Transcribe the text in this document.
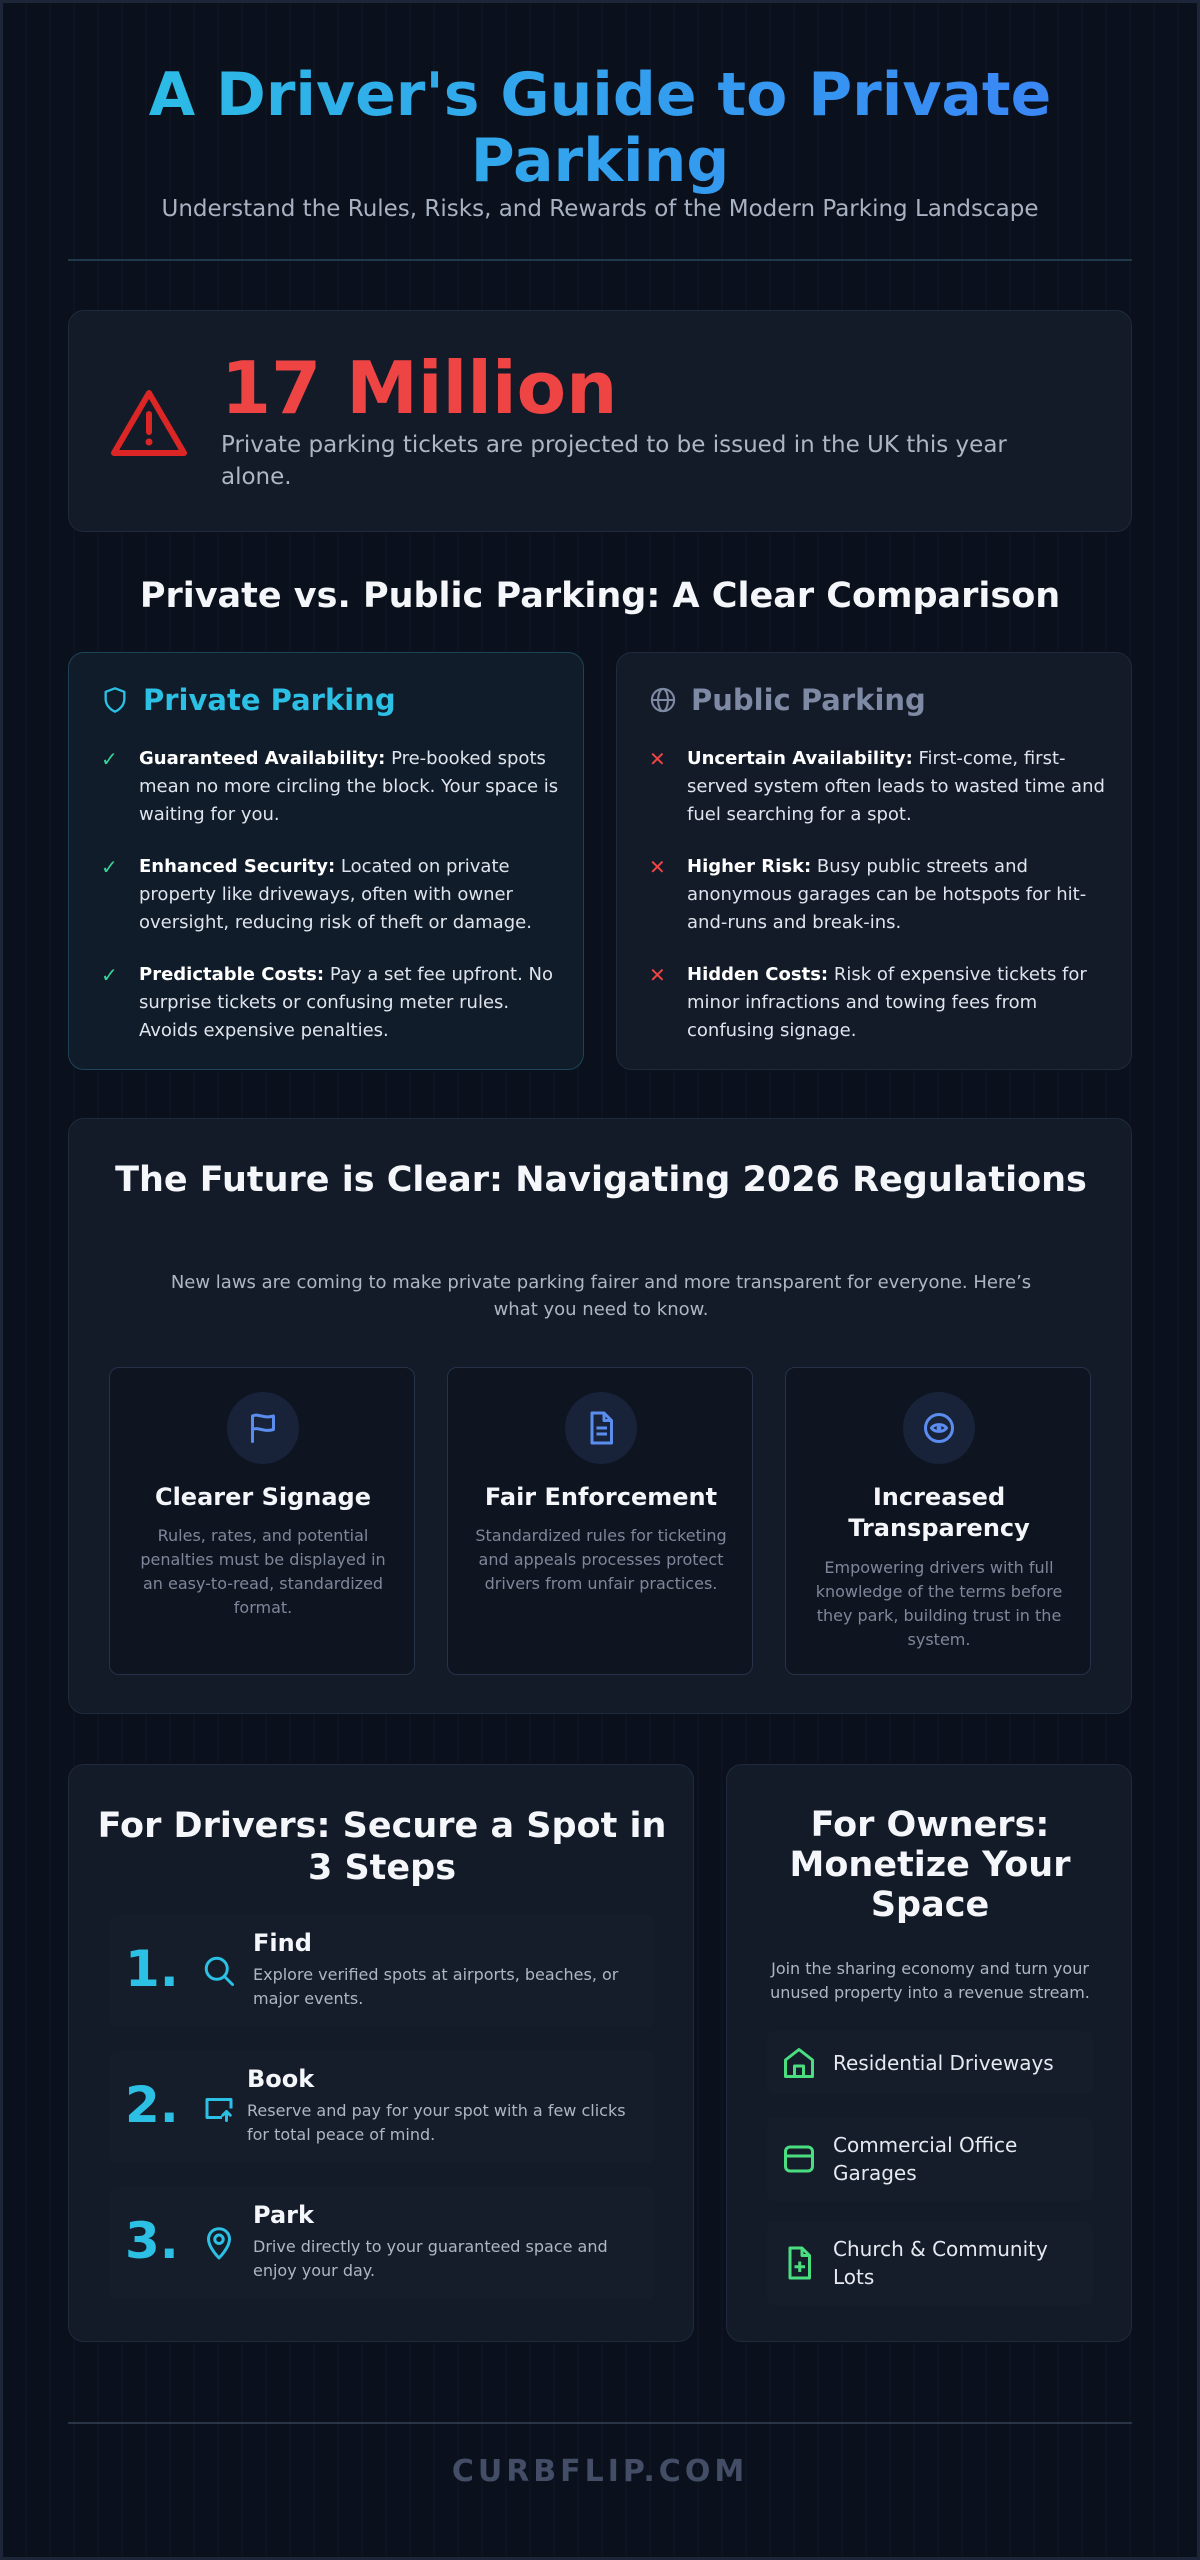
A Driver's Guide to Private Parking
Understand the Rules, Risks, and Rewards of the Modern Parking Landscape
17 Million
Private parking tickets are projected to be issued in the UK this year alone.
Private vs. Public Parking: A Clear Comparison
Private Parking
✓ Guaranteed Availability: Pre-booked spots mean no more circling the block. Your space is waiting for you.

✓ Enhanced Security: Located on private property like driveways, often with owner oversight, reducing risk of theft or damage.

✓ Predictable Costs: Pay a set fee upfront. No surprise tickets or confusing meter rules. Avoids expensive penalties.

Public Parking
✕ Uncertain Availability: First-come, first-served system often leads to wasted time and fuel searching for a spot.

✕ Higher Risk: Busy public streets and anonymous garages can be hotspots for hit-and-runs and break-ins.

✕ Hidden Costs: Risk of expensive tickets for minor infractions and towing fees from confusing signage.

The Future is Clear: Navigating 2026 Regulations

New laws are coming to make private parking fairer and more transparent for everyone. Here’s what you need to know.

Clearer Signage
Rules, rates, and potential penalties must be displayed in an easy-to-read, standardized format.
Fair Enforcement
Standardized rules for ticketing and appeals processes protect drivers from unfair practices.
Increased Transparency
Empowering drivers with full knowledge of the terms before they park, building trust in the system.
For Drivers: Secure a Spot in 3 Steps
1.	Find
Explore verified spots at airports, beaches, or major events.
2.	Book
Reserve and pay for your spot with a few clicks for total peace of mind.
3.	Park
Drive directly to your guaranteed space and enjoy your day.
For Owners: Monetize Your Space

Join the sharing economy and turn your unused property into a revenue stream.

Residential Driveways
Commercial Office Garages
Church & Community Lots
CURBFLIP.COM
